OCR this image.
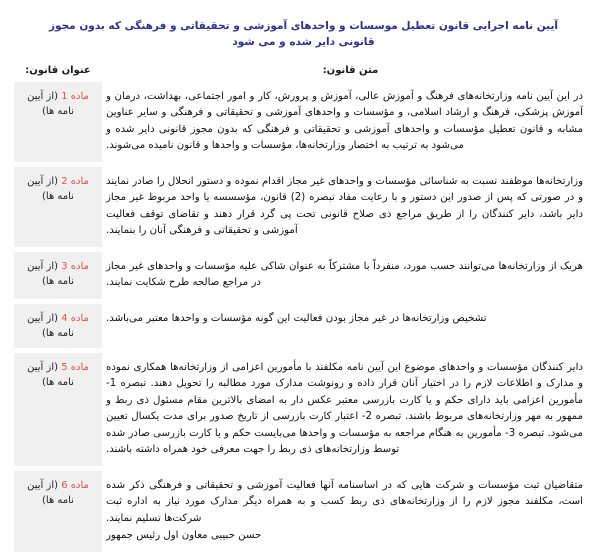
آیین نامه اجرایی قانون تعطیل موسسات و واحدهای آموزشی و تحقیقاتی و فرهنگی که بدون مجوز قانونی دایر شده و می شود
متن قانون:	عنوان قانون:
در این آیین نامه وزارتخانه‌های فرهنگ و آموزش عالی، آموزش و پرورش، کار و امور اجتماعی، بهداشت، درمان و آموزش پزشکی، فرهنگ و ارشاد اسلامی، و مؤسسات و واحدهای آموزشی و تحقیقاتی و فرهنگی و سایر عناوین مشابه و قانون تعطیل مؤسسات و واحدهای آموزشی و تحقیقاتی و فرهنگی که بدون مجوز قانونی دایر شده و می‌شود به ترتیب به اختصار وزارتخانه‌ها، مؤسسات و واحدها و قانون نامیده می‌شوند.	ماده 1 (از آیین نامه ها)

وزارتخانه‌ها موظفند نسبت به شناسائی مؤسسات و واحدهای غیر مجاز اقدام نموده و دستور انحلال را صادر نمایند و در صورتی که پس از صدور این دستور و با رعایت مفاد تبصره (2) قانون، مؤسسسه یا واحد مربوط غیر مجاز دایر باشد، دایر کنندگان را از طریق مراجع ذی صلاح قانونی تحت پی گرد قرار دهند و تقاضای توقف فعالیت آموزشی و تحقیقاتی و فرهنگی آنان را بنمایند.	ماده 2 (از آیین نامه ها)

هریک از وزارتخانه‌ها می‌توانند حسب مورد، منفرداً با مشترکاً به عنوان شاکی علیه مؤسسات و واحدهای غیر مجاز در مراجع صالحه طرح شکایت نمایند.	ماده 3 (از آیین نامه ها)

تشخیص وزارتخانه‌ها در غیر مجاز بودن فعالیت این گونه مؤسسات و واحدها معتبر می‌باشد.	ماده 4 (از آیین نامه ها)

دایر کنندگان مؤسسات و واحدهای موضوع این آیین نامه مکلفند با مأمورین اعزامی از وزارتخانه‌ها همکاری نموده و مدارک و اطلاعات لازم را در اختیار آنان قرار داده و رونوشت مدارک مورد مطالبه را تحویل دهند. تبصره 1- مأمورین اعزامی باید دارای حکم و یا کارت بازرسی معتبر عکس دار به امضای بالاترین مقام مسئول ذی ربط و ممهور به مهر وزارتخانه‌های مربوط باشند. تبصره 2- اعتبار کارت بازرسی از تاریخ صدور برای مدت یکسال تعیین می‌شود. تبصره 3- مأمورین به هنگام مراجعه به مؤسسات و واحدها می‌بایست حکم و یا کارت بازرسی صادر شده توسط وزارتخانه‌های ذی ربط را جهت معرفی خود همراه داشته باشند.	ماده 5 (از آیین نامه ها)

متقاضیان ثبت مؤسسات و شرکت هایی که در اساسنامه آنها فعالیت آموزشی و تحقیقاتی و فرهنگی ذکر شده است، مکلفند مجوز لازم را از وزارتخانه‌های ذی ربط کسب و به همراه دیگر مدارک مورد نیاز به اداره ثبت شرکت‌ها تسلیم نمایند.

حسن حبیبی معاون اول رئیس جمهور	ماده 6 (از آیین نامه ها)
